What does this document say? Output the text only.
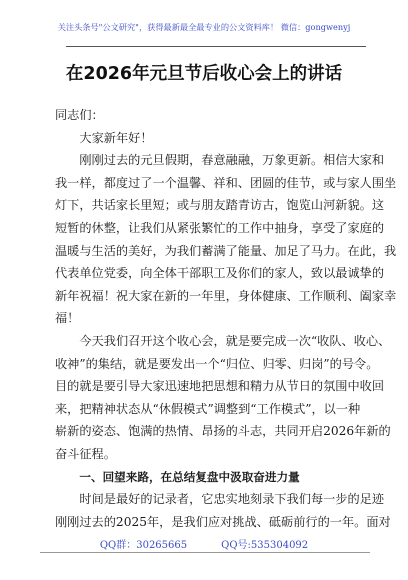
关注头条号"公文研究"，获得最新最全最专业的公文资料库！ 微信：gongwenyj
在2026年元旦节后收心会上的讲话
同志们：
大家新年好！
刚刚过去的元旦假期，春意融融，万象更新。相信大家和
我一样，都度过了一个温馨、祥和、团圆的佳节，或与家人围坐
灯下，共话家长里短；或与朋友踏青访古，饱览山河新貌。这
短暂的休整，让我们从紧张繁忙的工作中抽身，享受了家庭的
温暖与生活的美好，为我们蓄满了能量、加足了马力。在此，我
代表单位党委，向全体干部职工及你们的家人，致以最诚挚的
新年祝福！祝大家在新的一年里，身体健康、工作顺利、阖家幸
福！
今天我们召开这个收心会，就是要完成一次“收队、收心、
收神”的集结，就是要发出一个“归位、归零、归岗”的号令。
目的就是要引导大家迅速地把思想和精力从节日的氛围中收回
来，把精神状态从“休假模式”调整到“工作模式”，以一种
崭新的姿态、饱满的热情、昂扬的斗志，共同开启2026年新的
奋斗征程。
一、回望来路，在总结复盘中汲取奋进力量
时间是最好的记录者，它忠实地刻录下我们每一步的足迹
刚刚过去的2025年，是我们应对挑战、砥砺前行的一年。面对
QQ群：30265665	QQ号:535304092
